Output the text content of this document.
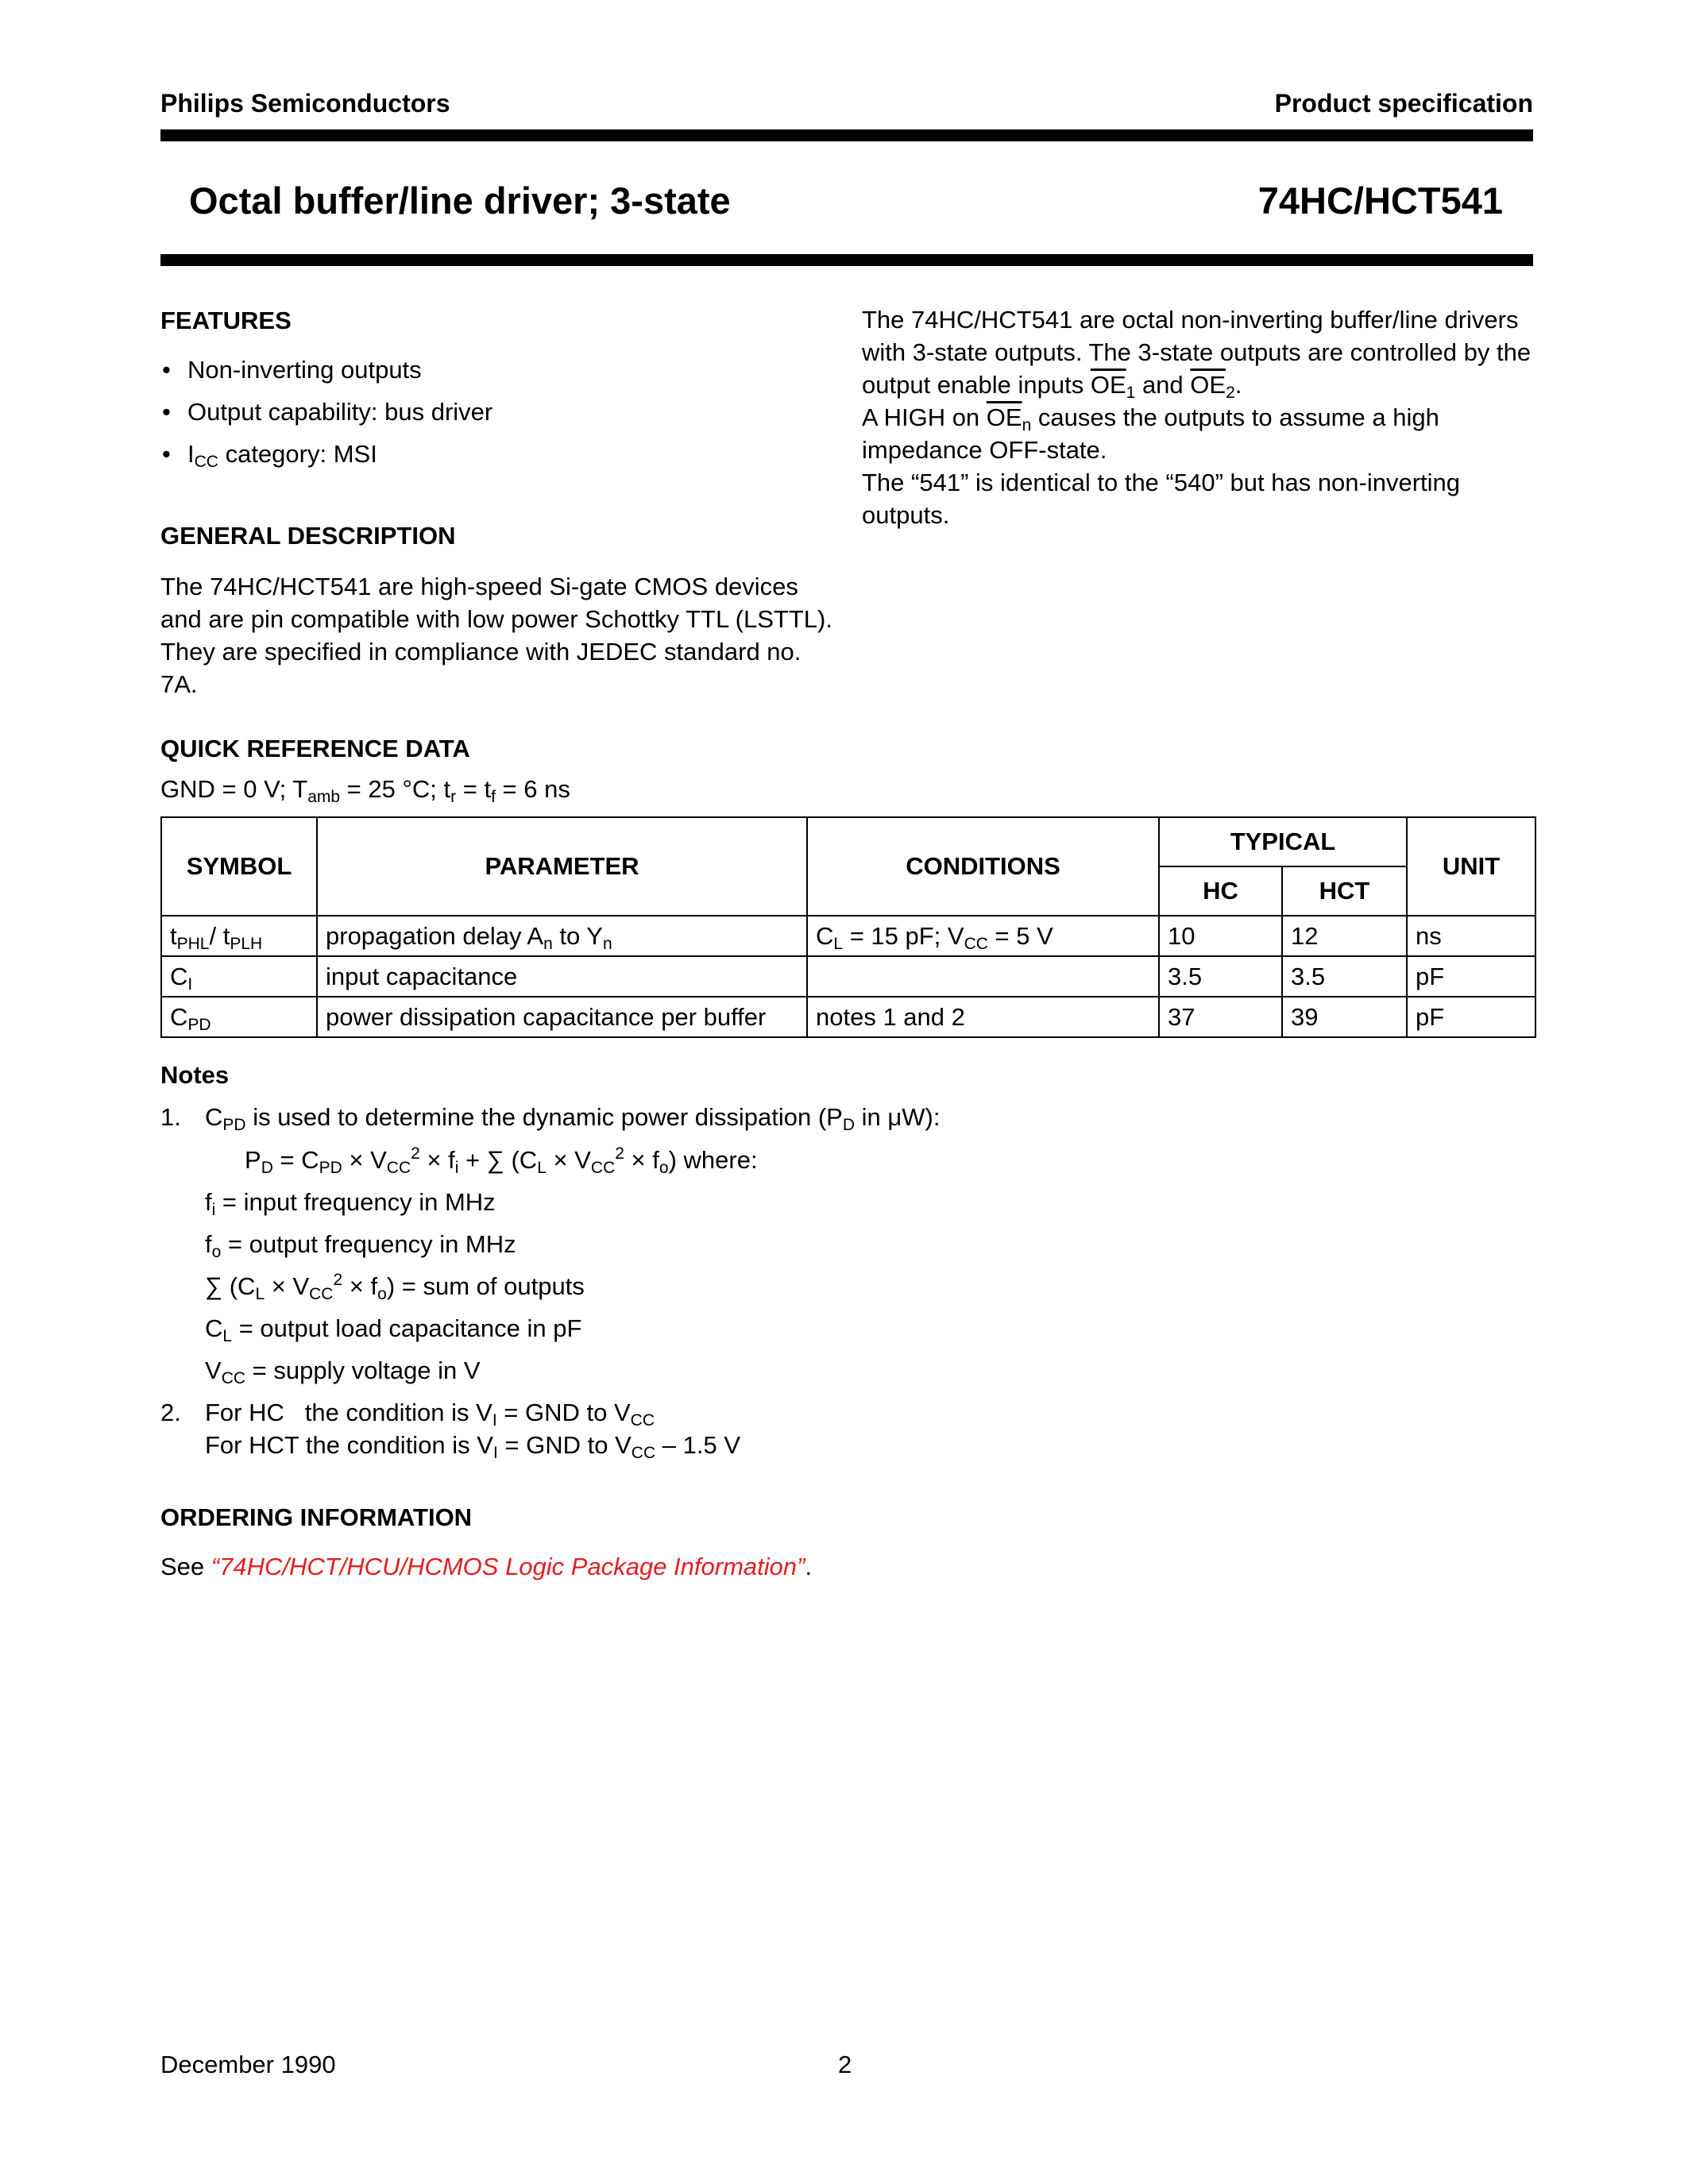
Philips Semiconductors	Product specification
Octal buffer/line driver; 3-state	74HC/HCT541
FEATURES
• Non-inverting outputs
• Output capability: bus driver
• $I_{CC}$ category: MSI
GENERAL DESCRIPTION
The 74HC/HCT541 are high-speed Si-gate CMOS devices and are pin compatible with low power Schottky TTL (LSTTL). They are specified in compliance with JEDEC standard no. 7A.
The 74HC/HCT541 are octal non-inverting buffer/line drivers with 3-state outputs. The 3-state outputs are controlled by the output enable inputs $\overline{OE}_1$ and $\overline{OE}_2$.
A HIGH on $\overline{OE}_n$ causes the outputs to assume a high impedance OFF-state.
The “541” is identical to the “540” but has non-inverting outputs.
QUICK REFERENCE DATA
GND = 0 V; $T_{amb} = 25$ °C; $t_r = t_f = 6$ ns
SYMBOL	PARAMETER	CONDITIONS	TYPICAL		UNIT
			HC	HCT	
$t_{PHL}/$ $t_{PLH}$	propagation delay $A_n$ to $Y_n$	$C_L = 15$ pF; $V_{CC} = 5$ V	10	12	ns
$C_I$	input capacitance		3.5	3.5	pF
$C_{PD}$	power dissipation capacitance per buffer	notes 1 and 2	37	39	pF
Notes
1. $C_{PD}$ is used to determine the dynamic power dissipation ($P_D$ in μW):
$P_D = C_{PD} \times V_{CC}^2 \times f_i$ + ∑ $(C_L \times V_{CC}^2 \times f_o)$ where:
$f_i$ = input frequency in MHz
$f_o$ = output frequency in MHz
∑ $(C_L \times V_{CC}^2 \times f_o)$ = sum of outputs
$C_L$ = output load capacitance in pF
$V_{CC}$ = supply voltage in V
2. For HC   the condition is $V_I$ = GND to $V_{CC}$
For HCT the condition is $V_I$ = GND to $V_{CC} - 1.5$ V
ORDERING INFORMATION
See “74HC/HCT/HCU/HCMOS Logic Package Information”.
December 1990	2
